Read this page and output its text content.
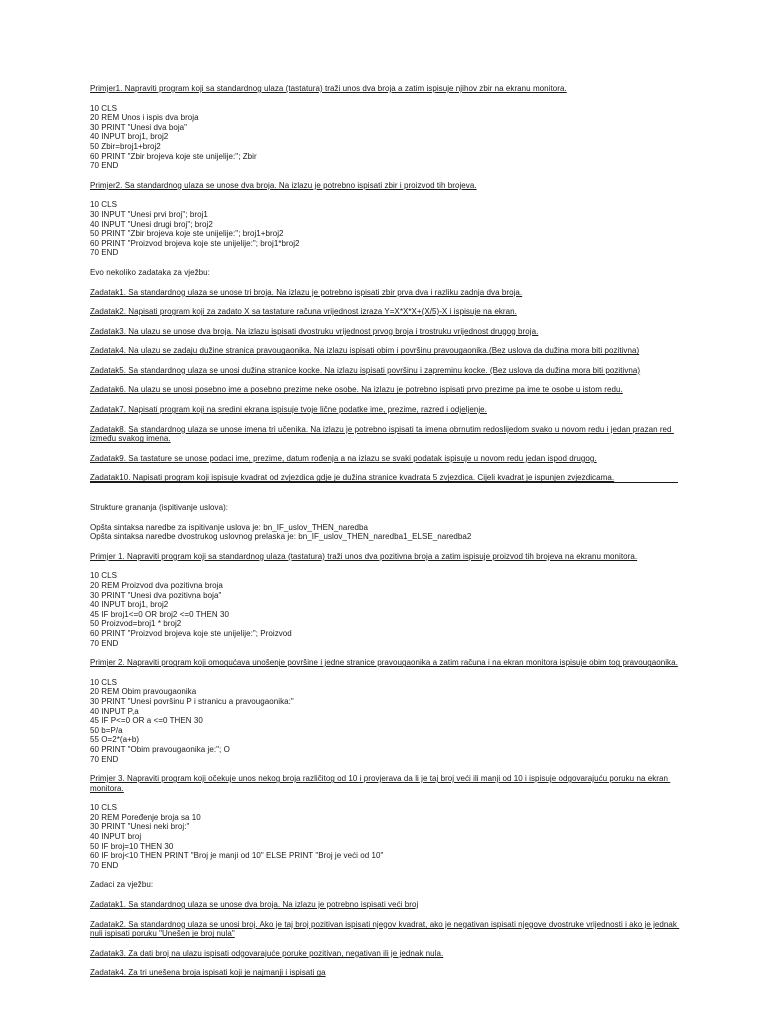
Primjer1. Napraviti program koji sa standardnog ulaza (tastatura) traži unos dva broja a zatim ispisuje njihov zbir na ekranu monitora.

10 CLS

20 REM Unos i ispis dva broja

30 PRINT "Unesi dva boja"

40 INPUT broj1, broj2

50 Zbir=broj1+broj2

60 PRINT "Zbir brojeva koje ste unijelije:"; Zbir

70 END

Primjer2. Sa standardnog ulaza se unose dva broja. Na izlazu je potrebno ispisati zbir i proizvod tih brojeva.

10 CLS

30 INPUT "Unesi prvi broj"; broj1

40 INPUT "Unesi drugi broj"; broj2

50 PRINT "Zbir brojeva koje ste unijelije:"; broj1+broj2

60 PRINT "Proizvod brojeva koje ste unijelije:"; broj1*broj2

70 END

Evo nekoliko zadataka za vježbu:

Zadatak1. Sa standardnog ulaza se unose tri broja. Na izlazu je potrebno ispisati zbir prva dva i razliku zadnja dva broja.

Zadatak2. Napisati program koji za zadato X sa tastature računa vrijednost izraza Y=X*X*X+(X/5)-X i ispisuje na ekran.

Zadatak3. Na ulazu se unose dva broja. Na izlazu ispisati dvostruku vrijednost prvog broja i trostruku vrijednost drugog broja.

Zadatak4. Na ulazu se zadaju dužine stranica pravougaonika. Na izlazu ispisati obim i površinu pravougaonika.(Bez uslova da dužina mora biti pozitivna)

Zadatak5. Sa standardnog ulaza se unosi dužina stranice kocke. Na izlazu ispisati površinu i zapreminu kocke. (Bez uslova da dužina mora biti pozitivna)

Zadatak6. Na ulazu se unosi posebno ime a posebno prezime neke osobe. Na izlazu je potrebno ispisati prvo prezime pa ime te osobe u istom redu.

Zadatak7. Napisati program koji na sredini ekrana ispisuje tvoje lične podatke ime, prezime, razred i odjeljenje.

Zadatak8. Sa standardnog ulaza se unose imena tri učenika. Na izlazu je potrebno ispisati ta imena obrnutim redoslijedom svako u novom redu i jedan prazan red između svakog imena.

Zadatak9. Sa tastature se unose podaci ime, prezime, datum rođenja a na izlazu se svaki podatak ispisuje u novom redu jedan ispod drugog.

Zadatak10. Napisati program koji ispisuje kvadrat od zvjezdica gdje je dužina stranice kvadrata 5 zvjezdica. Cijeli kvadrat je ispunjen zvjezdicama.

Strukture grananja (ispitivanje uslova):

Opšta sintaksa naredbe za ispitivanje uslova je: bn_IF_uslov_THEN_naredba

Opšta sintaksa naredbe dvostrukog uslovnog prelaska je: bn_IF_uslov_THEN_naredba1_ELSE_naredba2

Primjer 1. Napraviti program koji sa standardnog ulaza (tastatura) traži unos dva pozitivna broja a zatim ispisuje proizvod tih brojeva na ekranu monitora.

10 CLS

20 REM Proizvod dva pozitivna broja

30 PRINT "Unesi dva pozitivna boja"

40 INPUT broj1, broj2

45 IF broj1<=0 OR broj2 <=0 THEN 30

50 Proizvod=broj1 * broj2

60 PRINT "Proizvod brojeva koje ste unijelije:"; Proizvod

70 END

Primjer 2. Napraviti program koji omogućava unošenje površine i jedne stranice pravougaonika a zatim računa i na ekran monitora ispisuje obim tog pravougaonika.

10 CLS

20 REM Obim pravougaonika

30 PRINT "Unesi površinu P i stranicu a pravougaonika:"

40 INPUT P,a

45 IF P<=0 OR a <=0 THEN 30

50 b=P/a

55 O=2*(a+b)

60 PRINT "Obim pravougaonika je:"; O

70 END

Primjer 3. Napraviti program koji očekuje unos nekog broja različitog od 10 i provjerava da li je taj broj veći ili manji od 10 i ispisuje odgovarajuću poruku na ekran monitora.

10 CLS

20 REM Poređenje broja sa 10

30 PRINT "Unesi neki broj:"

40 INPUT broj

50 IF broj=10 THEN 30

60 IF broj<10 THEN PRINT "Broj je manji od 10" ELSE PRINT "Broj je veći od 10"

70 END

Zadaci za vježbu:

Zadatak1. Sa standardnog ulaza se unose dva broja. Na izlazu je potrebno ispisati veći broj

Zadatak2. Sa standardnog ulaza se unosi broj. Ako je taj broj pozitivan ispisati njegov kvadrat, ako je negativan ispisati njegove dvostruke vrijednosti i ako je jednak nuli ispisati poruku "Unešen je broj nula"

Zadatak3. Za dati broj na ulazu ispisati odgovarajuće poruke pozitivan, negativan ili je jednak nula.

Zadatak4. Za tri unešena broja ispisati koji je najmanji i ispisati ga
